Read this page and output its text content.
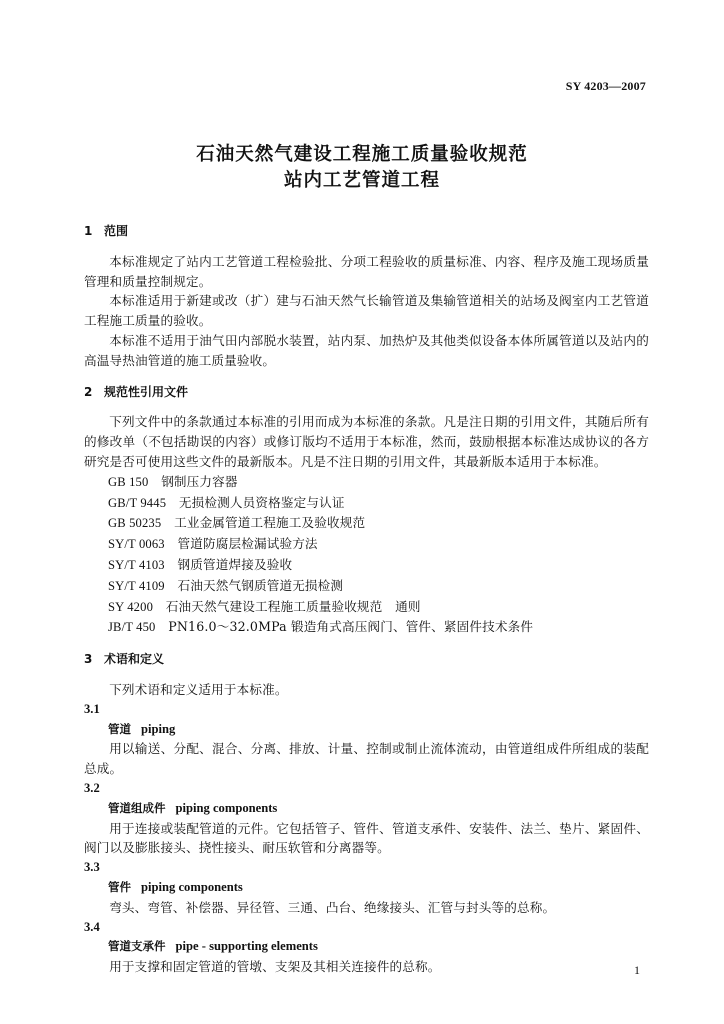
SY 4203—2007
石油天然气建设工程施工质量验收规范
站内工艺管道工程
1 范围
本标准规定了站内工艺管道工程检验批、分项工程验收的质量标准、内容、程序及施工现场质量管理和质量控制规定。
本标准适用于新建或改（扩）建与石油天然气长输管道及集输管道相关的站场及阀室内工艺管道工程施工质量的验收。
本标准不适用于油气田内部脱水装置，站内泵、加热炉及其他类似设备本体所属管道以及站内的高温导热油管道的施工质量验收。
2 规范性引用文件
下列文件中的条款通过本标准的引用而成为本标准的条款。凡是注日期的引用文件，其随后所有的修改单（不包括勘误的内容）或修订版均不适用于本标准，然而，鼓励根据本标准达成协议的各方研究是否可使用这些文件的最新版本。凡是不注日期的引用文件，其最新版本适用于本标准。
GB 150　 钢制压力容器
GB/T 9445　 无损检测人员资格鉴定与认证
GB 50235　 工业金属管道工程施工及验收规范
SY/T 0063　 管道防腐层检漏试验方法
SY/T 4103　 钢质管道焊接及验收
SY/T 4109　 石油天然气钢质管道无损检测
SY 4200　 石油天然气建设工程施工质量验收规范　通则
JB/T 450　 PN16.0～32.0MPa 锻造角式高压阀门、管件、紧固件技术条件
3 术语和定义
下列术语和定义适用于本标准。
3.1
管道 piping
用以输送、分配、混合、分离、排放、计量、控制或制止流体流动，由管道组成件所组成的装配总成。
3.2
管道组成件 piping components
用于连接或装配管道的元件。它包括管子、管件、管道支承件、安装件、法兰、垫片、紧固件、阀门以及膨胀接头、挠性接头、耐压软管和分离器等。
3.3
管件 piping components
弯头、弯管、补偿器、异径管、三通、凸台、绝缘接头、汇管与封头等的总称。
3.4
管道支承件 pipe - supporting elements
用于支撑和固定管道的管墩、支架及其相关连接件的总称。	1
